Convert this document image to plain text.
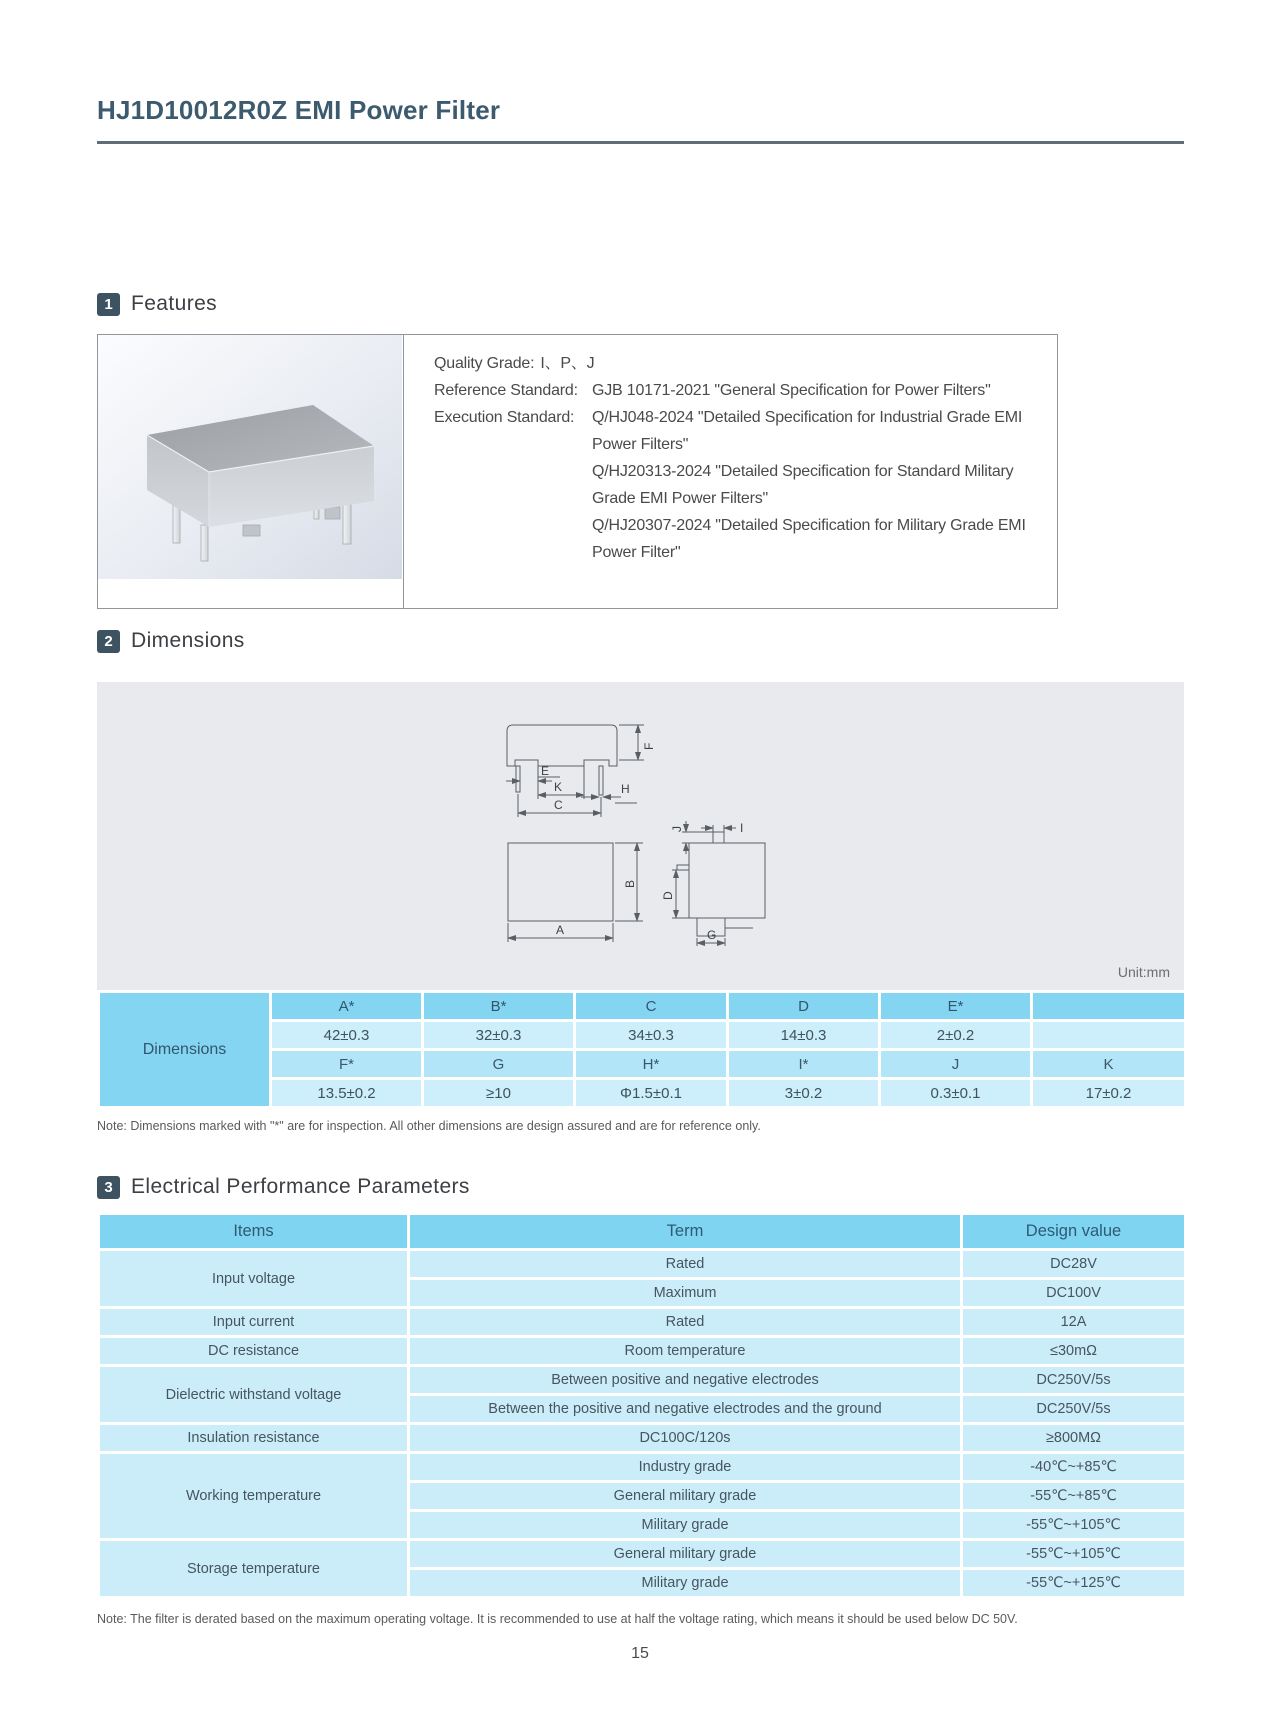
HJ1D10012R0Z EMI Power Filter
1 Features
Quality Grade: I、P、J
Reference Standard: GJB 10171-2021 "General Specification for Power Filters"
Execution Standard:	Q/HJ048-2024 "Detailed Specification for Industrial Grade EMI Power Filters"
Q/HJ20313-2024 "Detailed Specification for Standard Military Grade EMI Power Filters"
Q/HJ20307-2024 "Detailed Specification for Military Grade EMI Power Filter"
2 Dimensions
F
E
K
C
H
B
A
J	I
D
G
Unit:mm
Dimensions	A*	B*	C	D	E*	
	42±0.3	32±0.3	34±0.3	14±0.3	2±0.2	
	F*	G	H*	I*	J	K
	13.5±0.2	≥10	Φ1.5±0.1	3±0.2	0.3±0.1	17±0.2
Note: Dimensions marked with "*" are for inspection. All other dimensions are design assured and are for reference only.
3 Electrical Performance Parameters
Items	Term	Design value
Input voltage	Rated	DC28V
	Maximum	DC100V
Input current	Rated	12A
DC resistance	Room temperature	≤30mΩ
Dielectric withstand voltage	Between positive and negative electrodes	DC250V/5s
	Between the positive and negative electrodes and the ground	DC250V/5s
Insulation resistance	DC100C/120s	≥800MΩ
Working temperature	Industry grade	-40℃~+85℃
	General military grade	-55℃~+85℃
	Military grade	-55℃~+105℃
Storage temperature	General military grade	-55℃~+105℃
	Military grade	-55℃~+125℃
Note: The filter is derated based on the maximum operating voltage. It is recommended to use at half the voltage rating, which means it should be used below DC 50V.
15
